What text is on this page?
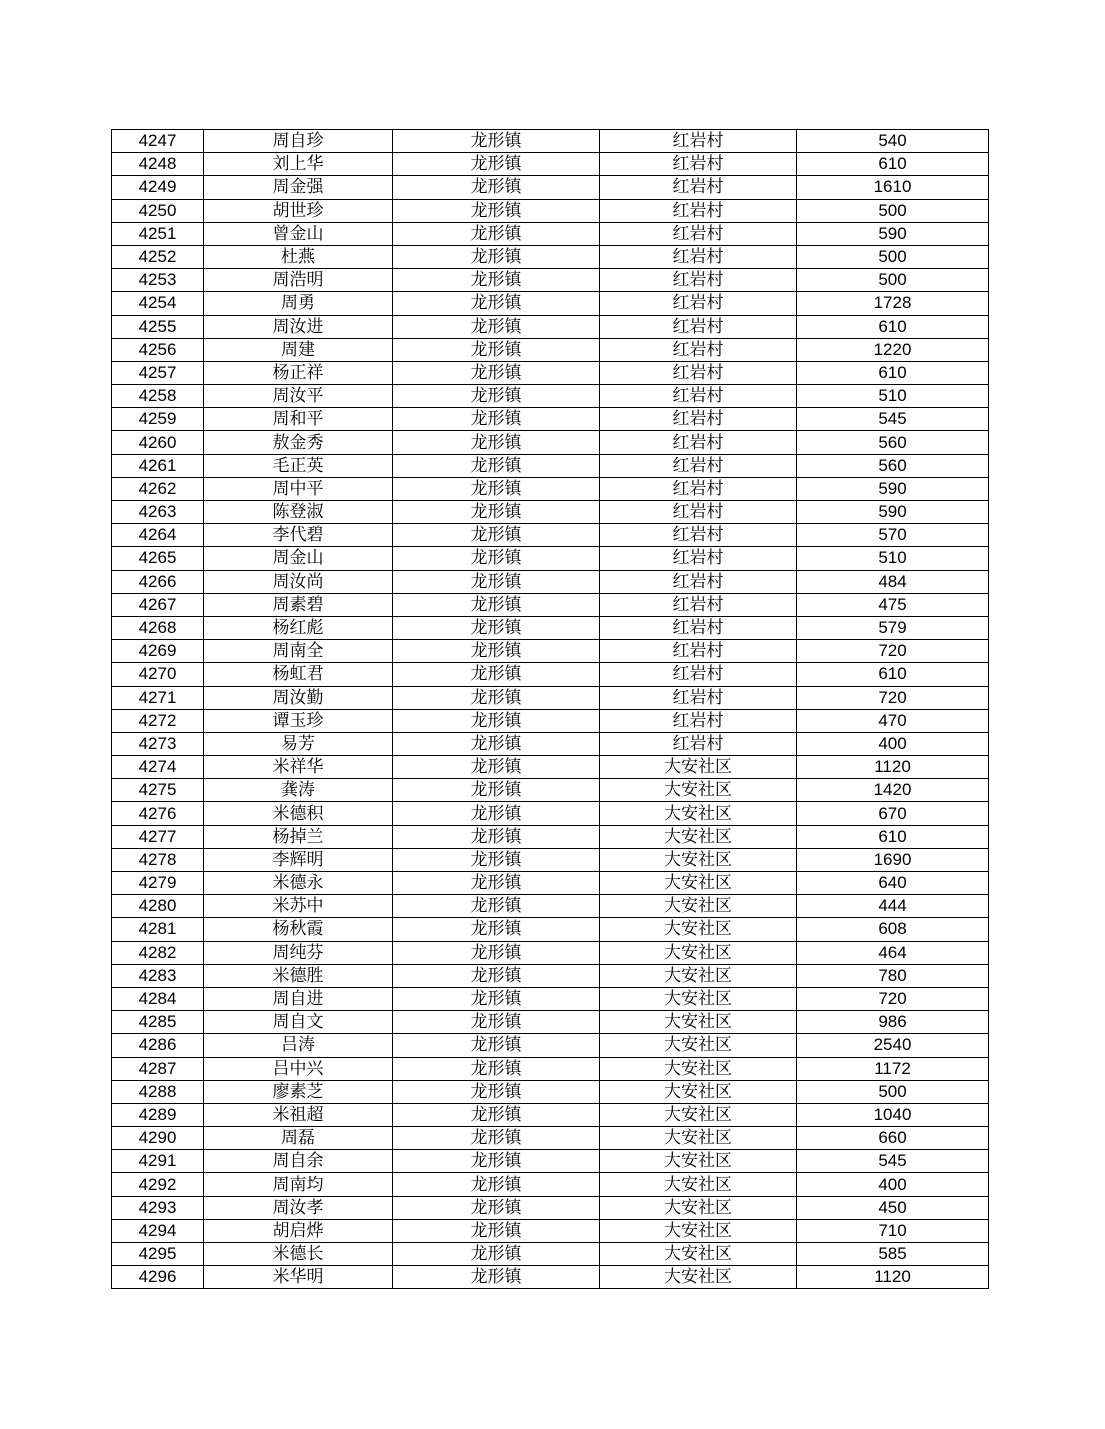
4247	周自珍	龙形镇	红岩村	540
4248	刘上华	龙形镇	红岩村	610
4249	周金强	龙形镇	红岩村	1610
4250	胡世珍	龙形镇	红岩村	500
4251	曾金山	龙形镇	红岩村	590
4252	杜燕	龙形镇	红岩村	500
4253	周浩明	龙形镇	红岩村	500
4254	周勇	龙形镇	红岩村	1728
4255	周汝进	龙形镇	红岩村	610
4256	周建	龙形镇	红岩村	1220
4257	杨正祥	龙形镇	红岩村	610
4258	周汝平	龙形镇	红岩村	510
4259	周和平	龙形镇	红岩村	545
4260	敖金秀	龙形镇	红岩村	560
4261	毛正英	龙形镇	红岩村	560
4262	周中平	龙形镇	红岩村	590
4263	陈登淑	龙形镇	红岩村	590
4264	李代碧	龙形镇	红岩村	570
4265	周金山	龙形镇	红岩村	510
4266	周汝尚	龙形镇	红岩村	484
4267	周素碧	龙形镇	红岩村	475
4268	杨红彪	龙形镇	红岩村	579
4269	周南全	龙形镇	红岩村	720
4270	杨虹君	龙形镇	红岩村	610
4271	周汝勤	龙形镇	红岩村	720
4272	谭玉珍	龙形镇	红岩村	470
4273	易芳	龙形镇	红岩村	400
4274	米祥华	龙形镇	大安社区	1120
4275	龚涛	龙形镇	大安社区	1420
4276	米德积	龙形镇	大安社区	670
4277	杨掉兰	龙形镇	大安社区	610
4278	李辉明	龙形镇	大安社区	1690
4279	米德永	龙形镇	大安社区	640
4280	米苏中	龙形镇	大安社区	444
4281	杨秋霞	龙形镇	大安社区	608
4282	周纯芬	龙形镇	大安社区	464
4283	米德胜	龙形镇	大安社区	780
4284	周自进	龙形镇	大安社区	720
4285	周自文	龙形镇	大安社区	986
4286	吕涛	龙形镇	大安社区	2540
4287	吕中兴	龙形镇	大安社区	1172
4288	廖素芝	龙形镇	大安社区	500
4289	米祖超	龙形镇	大安社区	1040
4290	周磊	龙形镇	大安社区	660
4291	周自余	龙形镇	大安社区	545
4292	周南均	龙形镇	大安社区	400
4293	周汝孝	龙形镇	大安社区	450
4294	胡启烨	龙形镇	大安社区	710
4295	米德长	龙形镇	大安社区	585
4296	米华明	龙形镇	大安社区	1120
